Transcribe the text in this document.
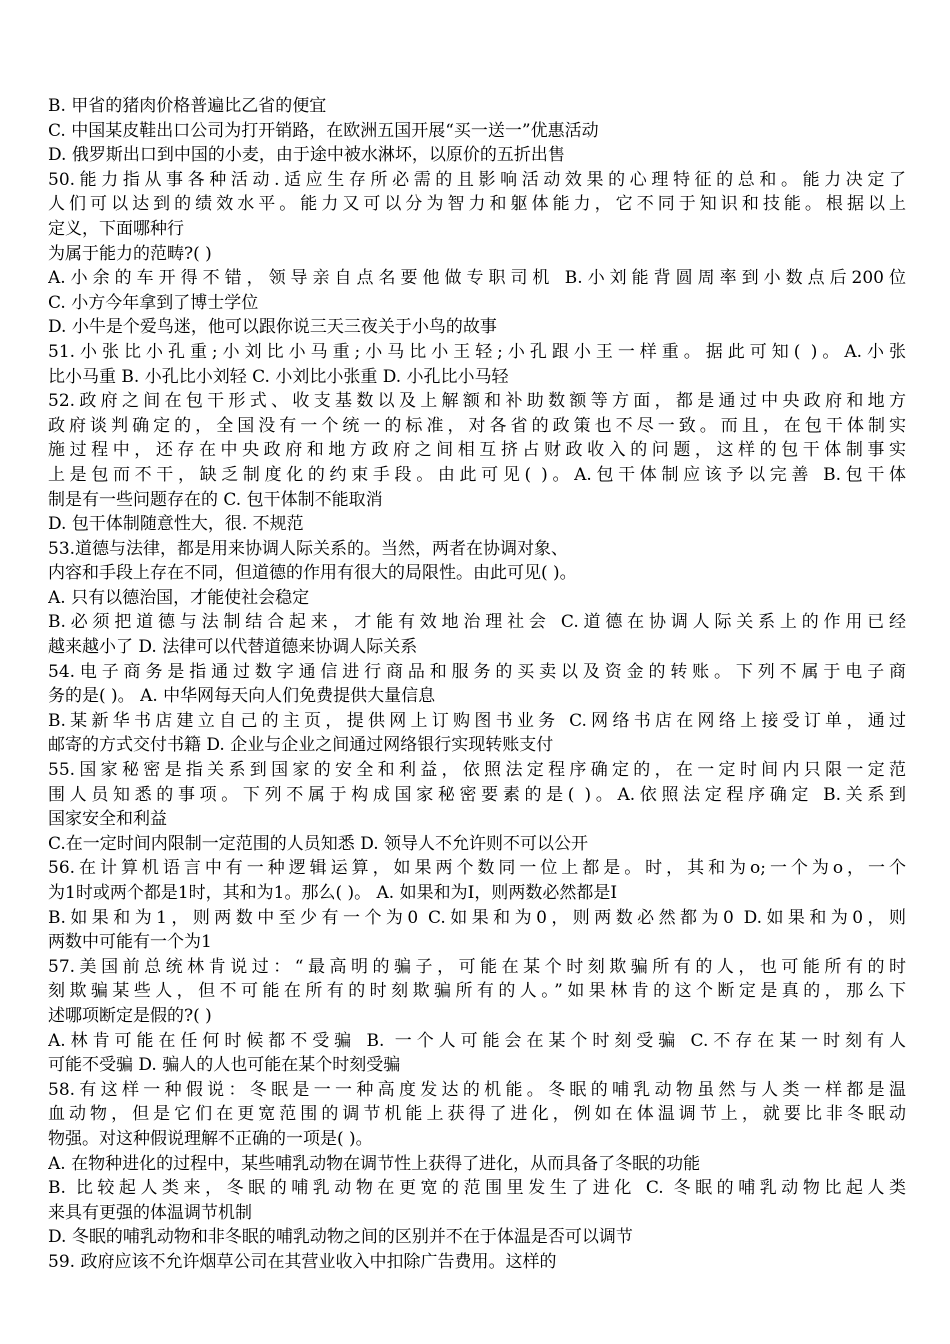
B. 甲省的猪肉价格普遍比乙省的便宜
C. 中国某皮鞋出口公司为打开销路，在欧洲五国开展“买一送一”优惠活动
D. 俄罗斯出口到中国的小麦，由于途中被水淋坏，以原价的五折出售
50.能力指从事各种活动.适应生存所必需的且影响活动效果的心理特征的总和。能力决定了
人们可以达到的绩效水平。能力又可以分为智力和躯体能力，它不同于知识和技能。根据以上
定义，下面哪种行
为属于能力的范畴?( )
A.小余的车开得不错，领导亲自点名要他做专职司机 B.小刘能背圆周率到小数点后200位
C. 小方今年拿到了博士学位
D. 小牛是个爱鸟迷，他可以跟你说三天三夜关于小鸟的故事
51.小张比小孔重;小刘比小马重;小马比小王轻;小孔跟小王一样重。据此可知( )。A.小张
比小马重 B. 小孔比小刘轻 C. 小刘比小张重 D. 小孔比小马轻
52.政府之间在包干形式、收支基数以及上解额和补助数额等方面，都是通过中央政府和地方
政府谈判确定的，全国没有一个统一的标准，对各省的政策也不尽一致。而且，在包干体制实
施过程中，还存在中央政府和地方政府之间相互挤占财政收入的问题，这样的包干体制事实
上是包而不干，缺乏制度化的约束手段。由此可见( )。A.包干体制应该予以完善 B.包干体
制是有一些问题存在的 C. 包干体制不能取消
D. 包干体制随意性大，很. 不规范
53.道德与法律，都是用来协调人际关系的。当然，两者在协调对象、
内容和手段上存在不同，但道德的作用有很大的局限性。由此可见( )。
A. 只有以德治国，才能使社会稳定
B.必须把道德与法制结合起来，才能有效地治理社会 C.道德在协调人际关系上的作用已经
越来越小了 D. 法律可以代替道德来协调人际关系
54.电子商务是指通过数字通信进行商品和服务的买卖以及资金的转账。下列不属于电子商
务的是( )。 A. 中华网每天向人们免费提供大量信息
B.某新华书店建立自己的主页，提供网上订购图书业务 C.网络书店在网络上接受订单，通过
邮寄的方式交付书籍 D. 企业与企业之间通过网络银行实现转账支付
55.国家秘密是指关系到国家的安全和利益，依照法定程序确定的，在一定时间内只限一定范
围人员知悉的事项。下列不属于构成国家秘密要素的是( )。A.依照法定程序确定 B.关系到
国家安全和利益
C.在一定时间内限制一定范围的人员知悉 D. 领导人不允许则不可以公开
56.在计算机语言中有一种逻辑运算，如果两个数同一位上都是。时，其和为o;一个为o，一个
为1时或两个都是1时，其和为1。那么( )。 A. 如果和为I，则两数必然都是I
B.如果和为1，则两数中至少有一个为0 C.如果和为0，则两数必然都为0 D.如果和为0，则
两数中可能有一个为1
57.美国前总统林肯说过：“最高明的骗子，可能在某个时刻欺骗所有的人，也可能所有的时
刻欺骗某些人，但不可能在所有的时刻欺骗所有的人。”如果林肯的这个断定是真的，那么下
述哪项断定是假的?( )
A.林肯可能在任何时候都不受骗 B. 一个人可能会在某个时刻受骗 C.不存在某一时刻有人
可能不受骗 D. 骗人的人也可能在某个时刻受骗
58.有这样一种假说：冬眠是一一种高度发达的机能。冬眠的哺乳动物虽然与人类一样都是温
血动物，但是它们在更宽范围的调节机能上获得了进化，例如在体温调节上，就要比非冬眠动
物强。对这种假说理解不正确的一项是( )。
A. 在物种进化的过程中，某些哺乳动物在调节性上获得了进化，从而具备了冬眠的功能
B. 比较起人类来，冬眠的哺乳动物在更宽的范围里发生了进化 C. 冬眠的哺乳动物比起人类
来具有更强的体温调节机制
D. 冬眠的哺乳动物和非冬眠的哺乳动物之间的区别并不在于体温是否可以调节
59. 政府应该不允许烟草公司在其营业收入中扣除广告费用。这样的
